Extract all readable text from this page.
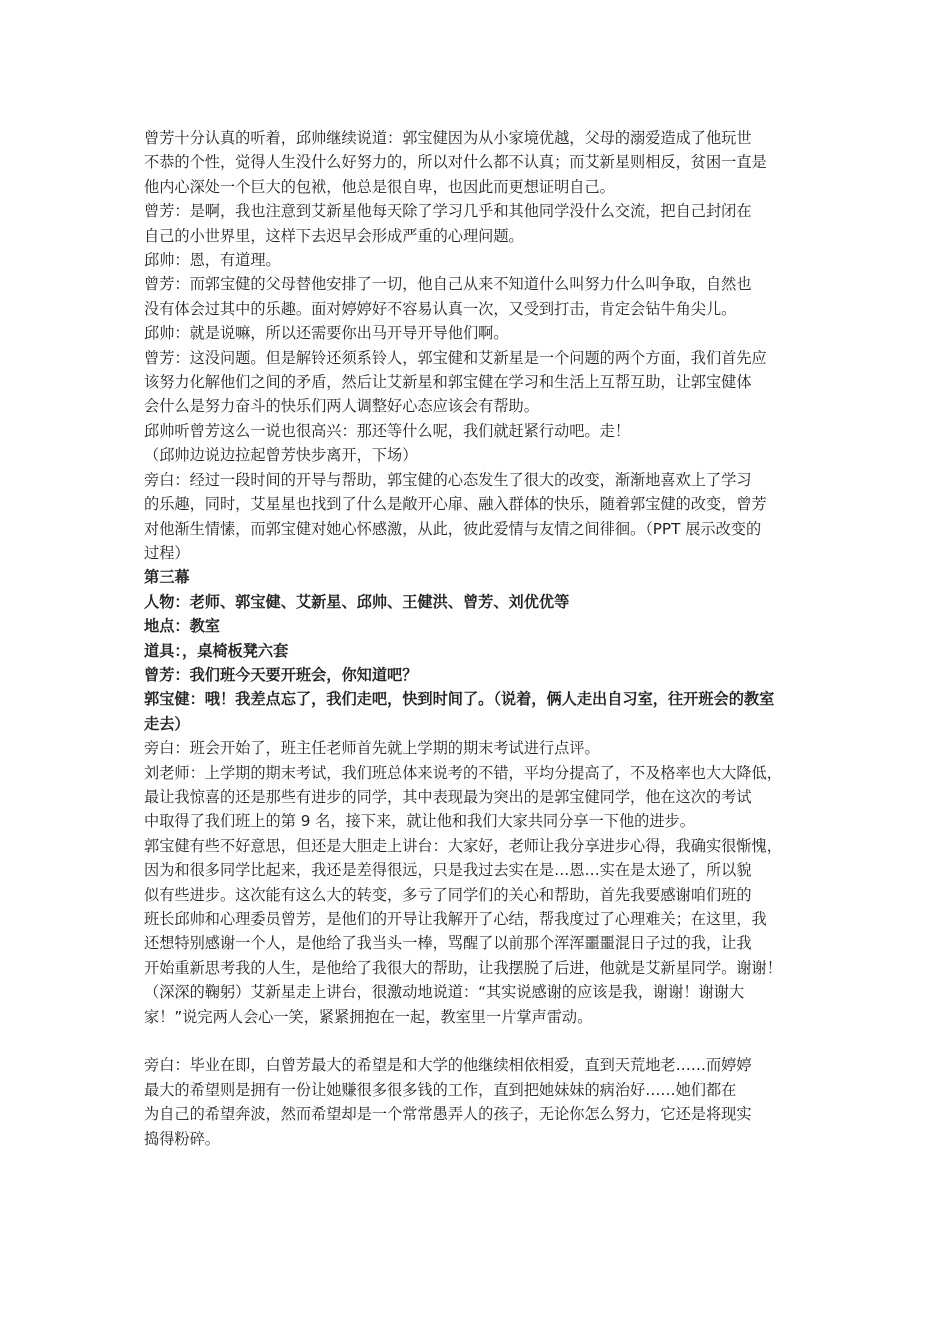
曾芳十分认真的听着，邱帅继续说道：郭宝健因为从小家境优越，父母的溺爱造成了他玩世

不恭的个性，觉得人生没什么好努力的，所以对什么都不认真；而艾新星则相反，贫困一直是

他内心深处一个巨大的包袱，他总是很自卑，也因此而更想证明自己。

曾芳：是啊，我也注意到艾新星他每天除了学习几乎和其他同学没什么交流，把自己封闭在

自己的小世界里，这样下去迟早会形成严重的心理问题。

邱帅：恩，有道理。

曾芳：而郭宝健的父母替他安排了一切，他自己从来不知道什么叫努力什么叫争取，自然也

没有体会过其中的乐趣。面对婷婷好不容易认真一次，又受到打击，肯定会钻牛角尖儿。

邱帅：就是说嘛，所以还需要你出马开导开导他们啊。

曾芳：这没问题。但是解铃还须系铃人，郭宝健和艾新星是一个问题的两个方面，我们首先应

该努力化解他们之间的矛盾，然后让艾新星和郭宝健在学习和生活上互帮互助，让郭宝健体

会什么是努力奋斗的快乐们两人调整好心态应该会有帮助。

邱帅听曾芳这么一说也很高兴：那还等什么呢，我们就赶紧行动吧。走！

（邱帅边说边拉起曾芳快步离开，下场）

旁白：经过一段时间的开导与帮助，郭宝健的心态发生了很大的改变，渐渐地喜欢上了学习

的乐趣，同时，艾星星也找到了什么是敞开心扉、融入群体的快乐，随着郭宝健的改变，曾芳

对他渐生情愫，而郭宝健对她心怀感激，从此，彼此爱情与友情之间徘徊。（PPT 展示改变的

过程）

第三幕

人物：老师、郭宝健、艾新星、邱帅、王健洪、曾芳、刘优优等

地点：教室

道具：，桌椅板凳六套

曾芳：我们班今天要开班会，你知道吧？

郭宝健：哦！我差点忘了，我们走吧，快到时间了。（说着，俩人走出自习室，往开班会的教室

走去）

旁白：班会开始了，班主任老师首先就上学期的期末考试进行点评。

刘老师：上学期的期末考试，我们班总体来说考的不错，平均分提高了，不及格率也大大降低，

最让我惊喜的还是那些有进步的同学，其中表现最为突出的是郭宝健同学，他在这次的考试

中取得了我们班上的第 9 名，接下来，就让他和我们大家共同分享一下他的进步。

郭宝健有些不好意思，但还是大胆走上讲台：大家好，老师让我分享进步心得，我确实很惭愧，

因为和很多同学比起来，我还是差得很远，只是我过去实在是…恩…实在是太逊了，所以貌

似有些进步。这次能有这么大的转变，多亏了同学们的关心和帮助，首先我要感谢咱们班的

班长邱帅和心理委员曾芳，是他们的开导让我解开了心结，帮我度过了心理难关；在这里，我

还想特别感谢一个人，是他给了我当头一棒，骂醒了以前那个浑浑噩噩混日子过的我，让我

开始重新思考我的人生，是他给了我很大的帮助，让我摆脱了后进，他就是艾新星同学。谢谢！

（深深的鞠躬）艾新星走上讲台，很激动地说道：“其实说感谢的应该是我，谢谢！谢谢大

家！”说完两人会心一笑，紧紧拥抱在一起，教室里一片掌声雷动。

旁白：毕业在即，白曾芳最大的希望是和大学的他继续相依相爱，直到天荒地老……而婷婷

最大的希望则是拥有一份让她赚很多很多钱的工作，直到把她妹妹的病治好……她们都在

为自己的希望奔波，然而希望却是一个常常愚弄人的孩子，无论你怎么努力，它还是将现实

捣得粉碎。
